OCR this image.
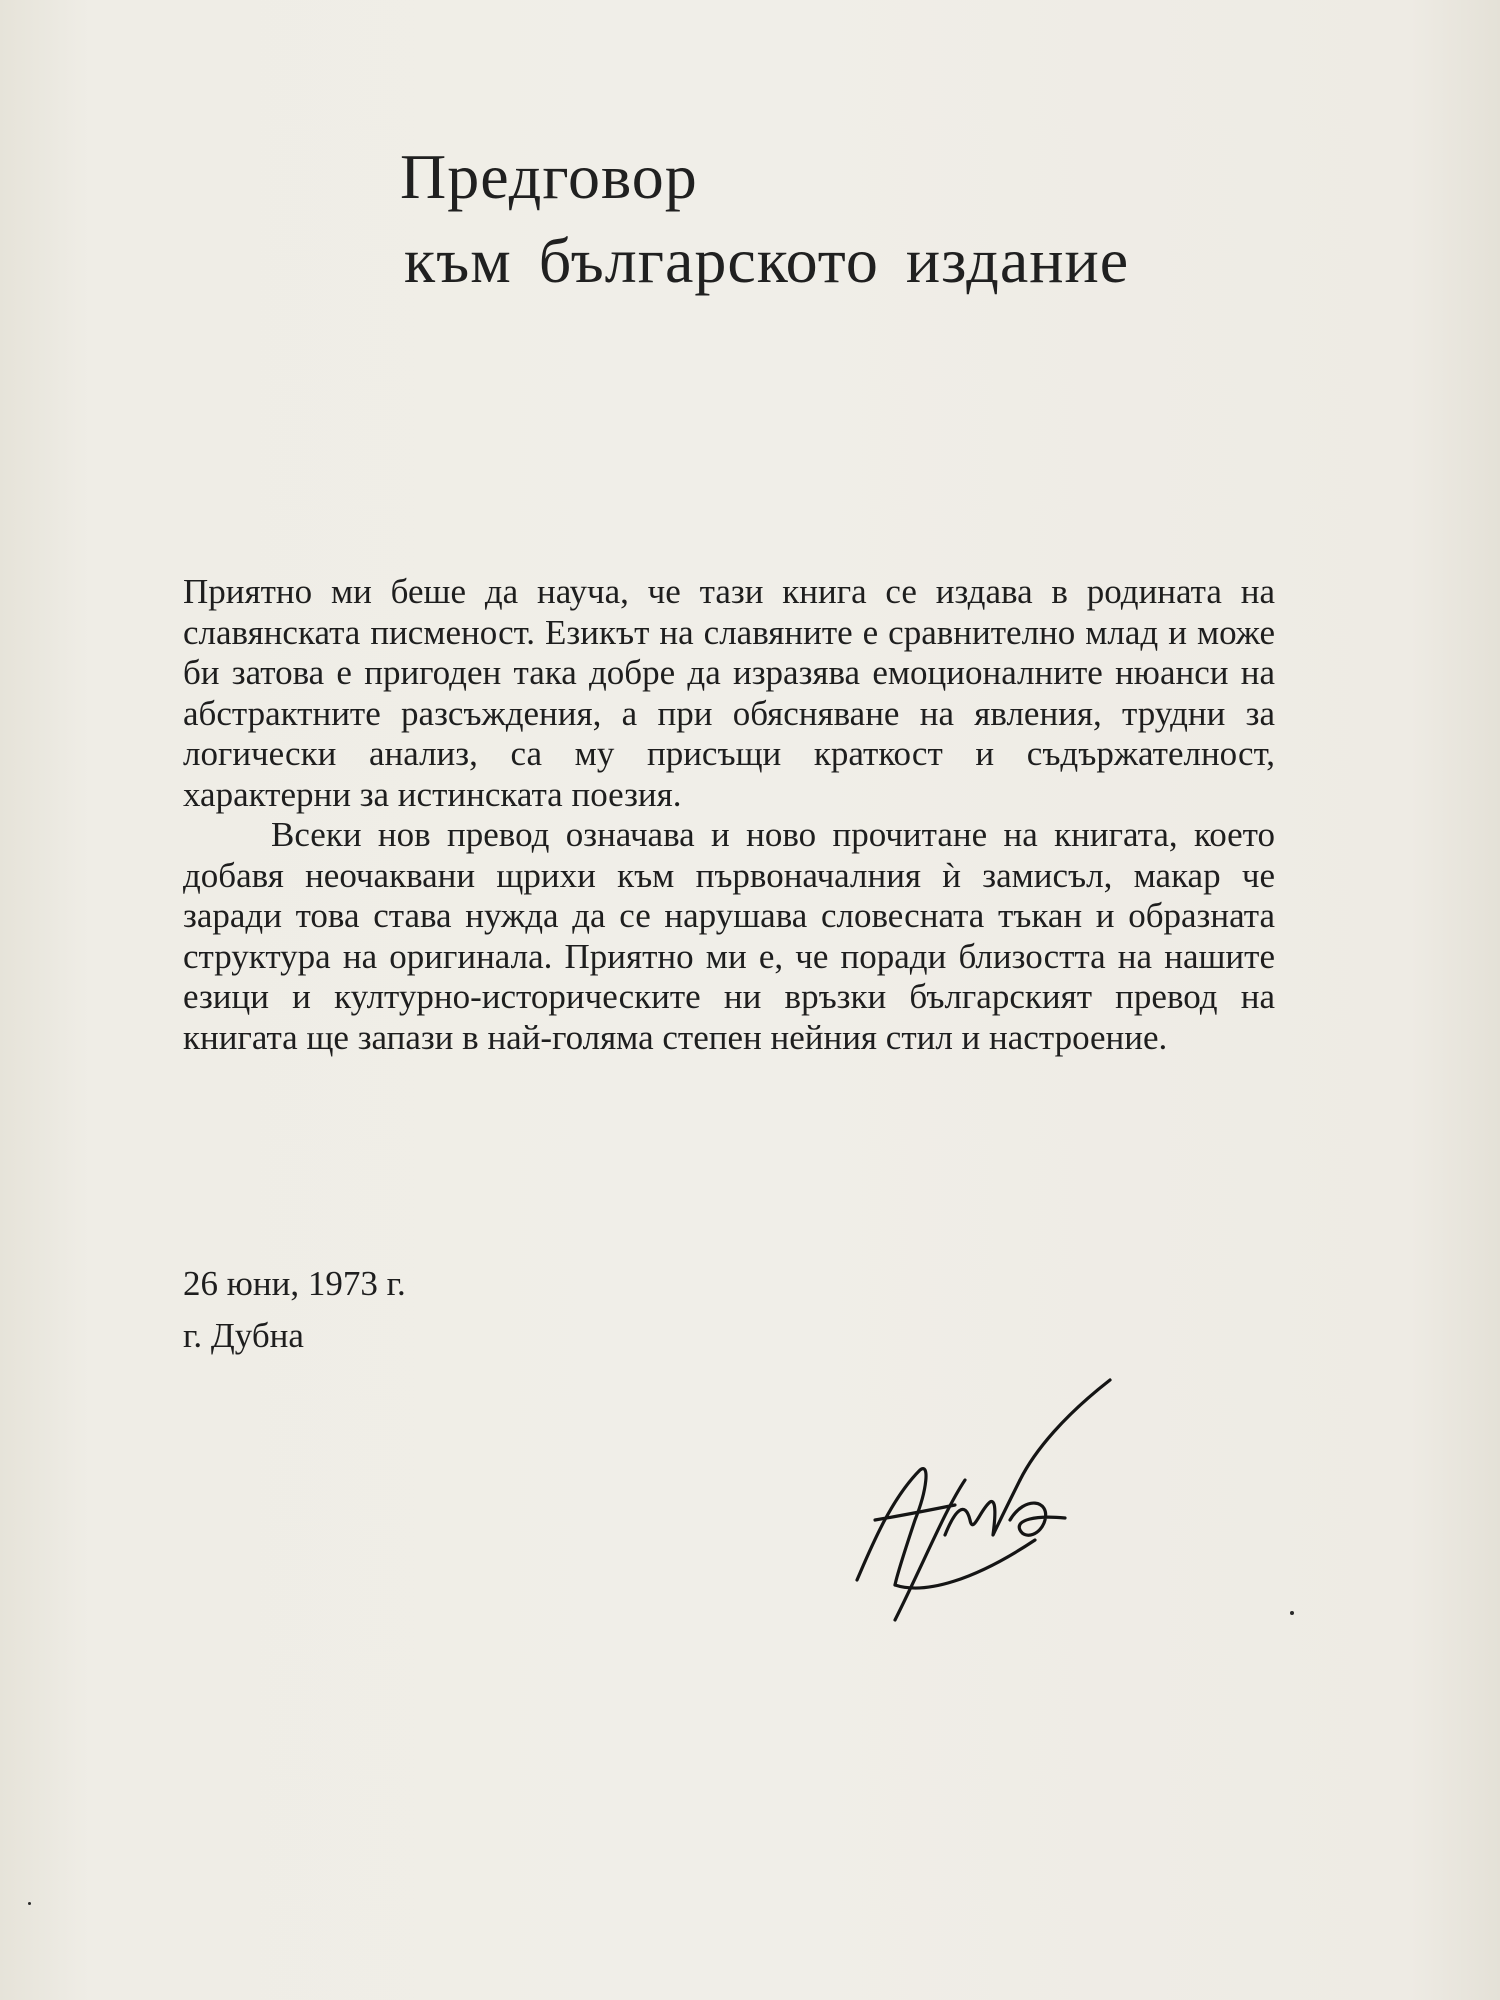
Предговор
към българското издание

Приятно ми беше да науча, че тази книга се издава в родината на славянската писменост. Езикът на славяните е сравнително млад и може би затова е пригоден така добре да изразява емоционалните нюанси на абстрактните разсъждения, а при обясняване на явления, трудни за логически анализ, са му присъщи краткост и съдържателност, характерни за истинската поезия.

Всеки нов превод означава и ново прочитане на книгата, което добавя неочаквани щрихи към първоначалния ѝ замисъл, макар че заради това става нужда да се нарушава словесната тъкан и образната структура на оригинала. Приятно ми е, че поради близостта на нашите езици и културно-историческите ни връзки българският превод на книгата ще запази в най-голяма степен нейния стил и настроение.

26 юни, 1973 г.
г. Дубна
